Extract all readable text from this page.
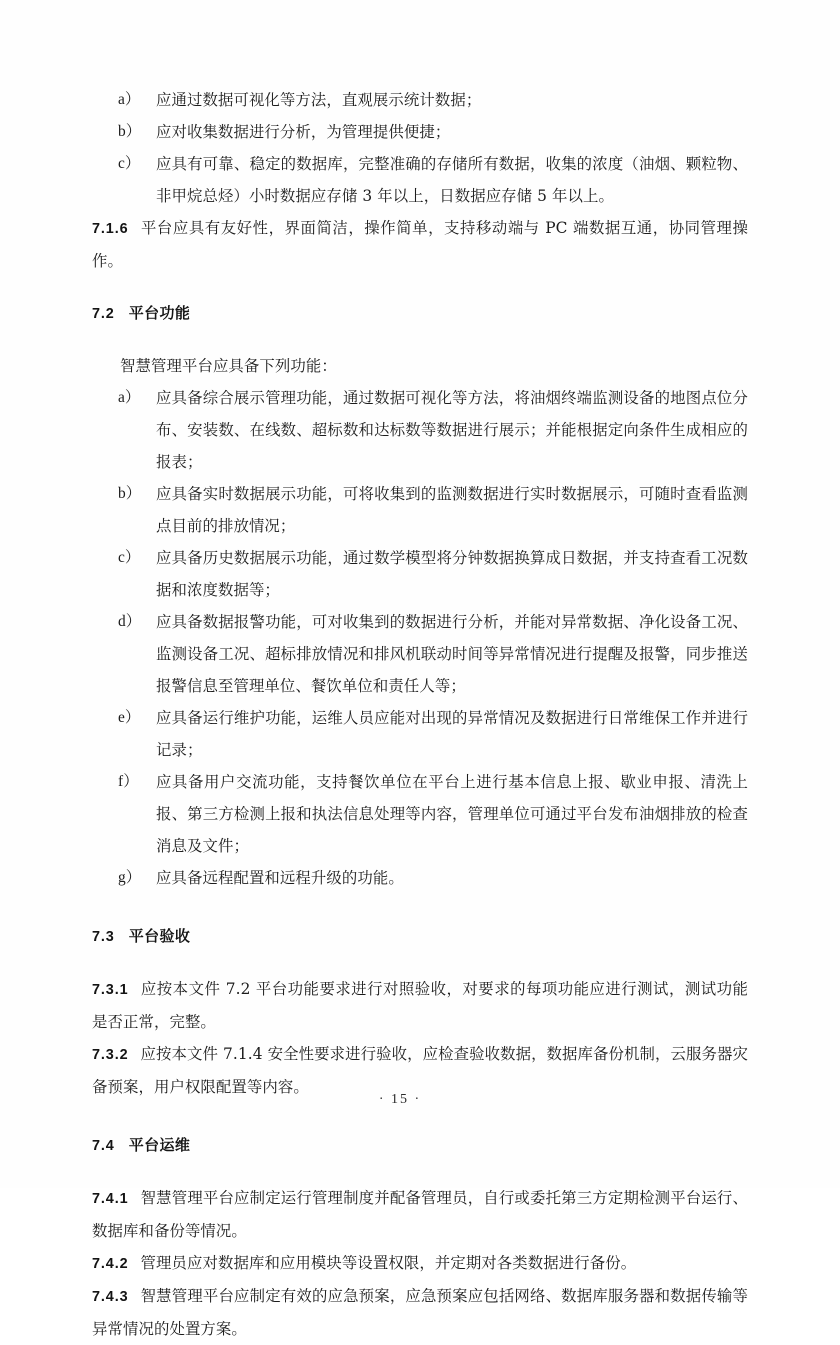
a）	应通过数据可视化等方法，直观展示统计数据；
b） 应对收集数据进行分析，为管理提供便捷；
c）	应具有可靠、稳定的数据库，完整准确的存储所有数据，收集的浓度（油烟、颗粒物、非甲烷总烃）小时数据应存储 3 年以上，日数据应存储 5 年以上。

7.1.6 平台应具有友好性，界面简洁，操作简单，支持移动端与 PC 端数据互通，协同管理操作。

7.2 平台功能

智慧管理平台应具备下列功能：

a）	应具备综合展示管理功能，通过数据可视化等方法，将油烟终端监测设备的地图点位分布、安装数、在线数、超标数和达标数等数据进行展示；并能根据定向条件生成相应的报表；
b） 应具备实时数据展示功能，可将收集到的监测数据进行实时数据展示，可随时查看监测点目前的排放情况；
c）	应具备历史数据展示功能，通过数学模型将分钟数据换算成日数据，并支持查看工况数据和浓度数据等；
d） 应具备数据报警功能，可对收集到的数据进行分析，并能对异常数据、净化设备工况、监测设备工况、超标排放情况和排风机联动时间等异常情况进行提醒及报警，同步推送报警信息至管理单位、餐饮单位和责任人等；
e）	应具备运行维护功能，运维人员应能对出现的异常情况及数据进行日常维保工作并进行记录；
f）	应具备用户交流功能，支持餐饮单位在平台上进行基本信息上报、歇业申报、清洗上报、第三方检测上报和执法信息处理等内容，管理单位可通过平台发布油烟排放的检查消息及文件；
g） 应具备远程配置和远程升级的功能。

7.3 平台验收

7.3.1 应按本文件 7.2 平台功能要求进行对照验收，对要求的每项功能应进行测试，测试功能是否正常，完整。

7.3.2 应按本文件 7.1.4 安全性要求进行验收，应检查验收数据，数据库备份机制，云服务器灾备预案，用户权限配置等内容。

7.4 平台运维

7.4.1 智慧管理平台应制定运行管理制度并配备管理员，自行或委托第三方定期检测平台运行、数据库和备份等情况。

7.4.2 管理员应对数据库和应用模块等设置权限，并定期对各类数据进行备份。

7.4.3 智慧管理平台应制定有效的应急预案，应急预案应包括网络、数据库服务器和数据传输等异常情况的处置方案。

· 15 ·
